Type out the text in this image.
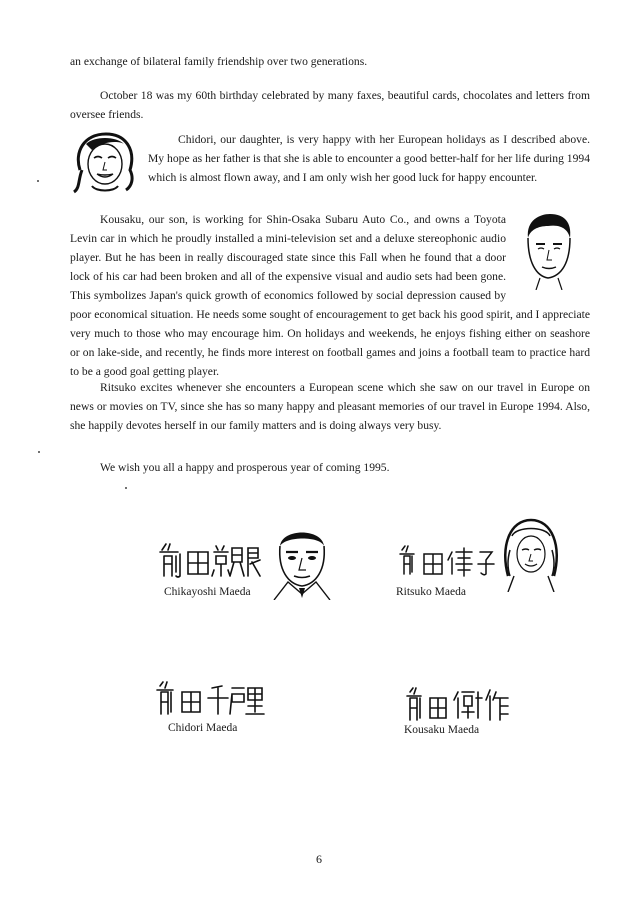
an exchange of bilateral family friendship over two generations.

October 18 was my 60th birthday celebrated by many faxes, beautiful cards, chocolates and letters from oversee friends.

Chidori, our daughter, is very happy with her European holidays as I described above. My hope as her father is that she is able to encounter a good better-half for her life during 1994 which is almost flown away, and I am only wish her good luck for happy encounter.

Kousaku, our son, is working for Shin-Osaka Subaru Auto Co., and owns a Toyota Levin car in which he proudly installed a mini-television set and a deluxe stereophonic audio player. But he has been in really discouraged state since this Fall when he found that a door lock of his car had been broken and all of the expensive visual and audio sets had been gone. This symbolizes Japan's quick growth of economics followed by social depression caused by poor economical situation. He needs some sought of encouragement to get back his good spirit, and I appreciate very much to those who may encourage him. On holidays and weekends, he enjoys fishing either on seashore or on lake-side, and recently, he finds more interest on football games and joins a football team to practice hard to be a good goal getting player.

Ritsuko excites whenever she encounters a European scene which she saw on our travel in Europe on news or movies on TV, since she has so many happy and pleasant memories of our travel in Europe 1994. Also, she happily devotes herself in our family matters and is doing always very busy.

We wish you all a happy and prosperous year of coming 1995.

Chikayoshi Maeda	Ritsuko Maeda
Chidori Maeda	Kousaku Maeda
6
